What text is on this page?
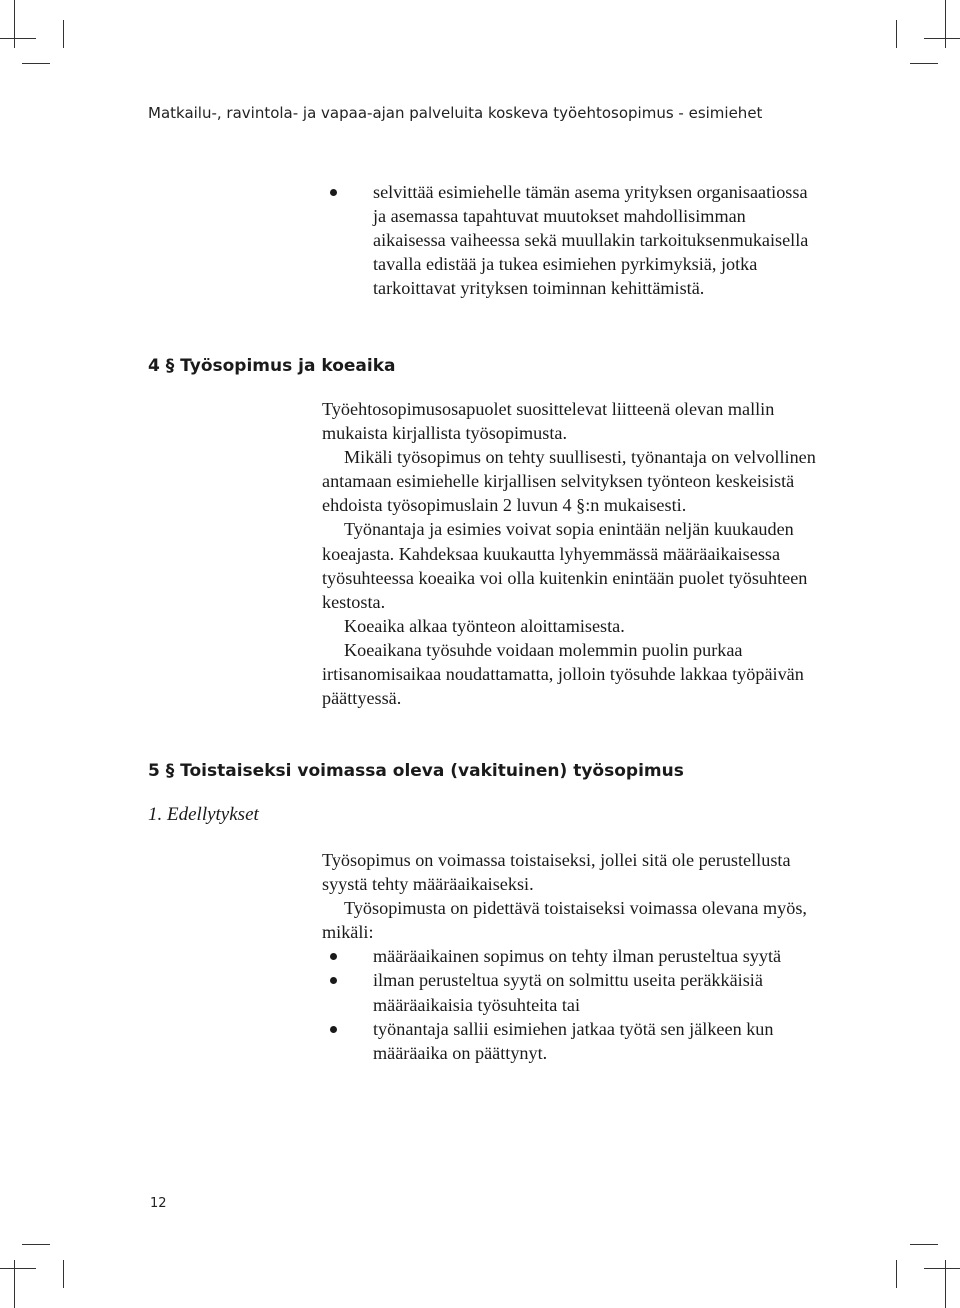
Matkailu-, ravintola- ja vapaa-ajan palveluita koskeva työehtosopimus - esimiehet
selvittää esimiehelle tämän asema yrityksen organisaatiossa ja asemassa tapahtuvat muutokset mahdollisimman aikaisessa vaiheessa sekä muullakin tarkoituksenmukaisella tavalla edistää ja tukea esimiehen pyrkimyksiä, jotka tarkoittavat yrityksen toiminnan kehittämistä.
4 § Työsopimus ja koeaika

Työehtosopimusosapuolet suosittelevat liitteenä olevan mallin mukaista kirjallista työsopimusta.

Mikäli työsopimus on tehty suullisesti, työnantaja on velvollinen antamaan esimiehelle kirjallisen selvityksen työnteon keskeisistä ehdoista työsopimuslain 2 luvun 4 §:n mukaisesti.

Työnantaja ja esimies voivat sopia enintään neljän kuukauden koeajasta. Kahdeksaa kuukautta lyhyemmässä määräaikaisessa työsuhteessa koeaika voi olla kuitenkin enintään puolet työsuhteen kestosta.

Koeaika alkaa työnteon aloittamisesta.

Koeaikana työsuhde voidaan molemmin puolin purkaa irtisanomisaikaa noudattamatta, jolloin työsuhde lakkaa työpäivän päättyessä.

5 § Toistaiseksi voimassa oleva (vakituinen) työsopimus
1. Edellytykset

Työsopimus on voimassa toistaiseksi, jollei sitä ole perustellusta syystä tehty määräaikaiseksi.

Työsopimusta on pidettävä toistaiseksi voimassa olevana myös, mikäli:

määräaikainen sopimus on tehty ilman perusteltua syytä
ilman perusteltua syytä on solmittu useita peräkkäisiä määräaikaisia työsuhteita tai
työnantaja sallii esimiehen jatkaa työtä sen jälkeen kun määräaika on päättynyt.
12
